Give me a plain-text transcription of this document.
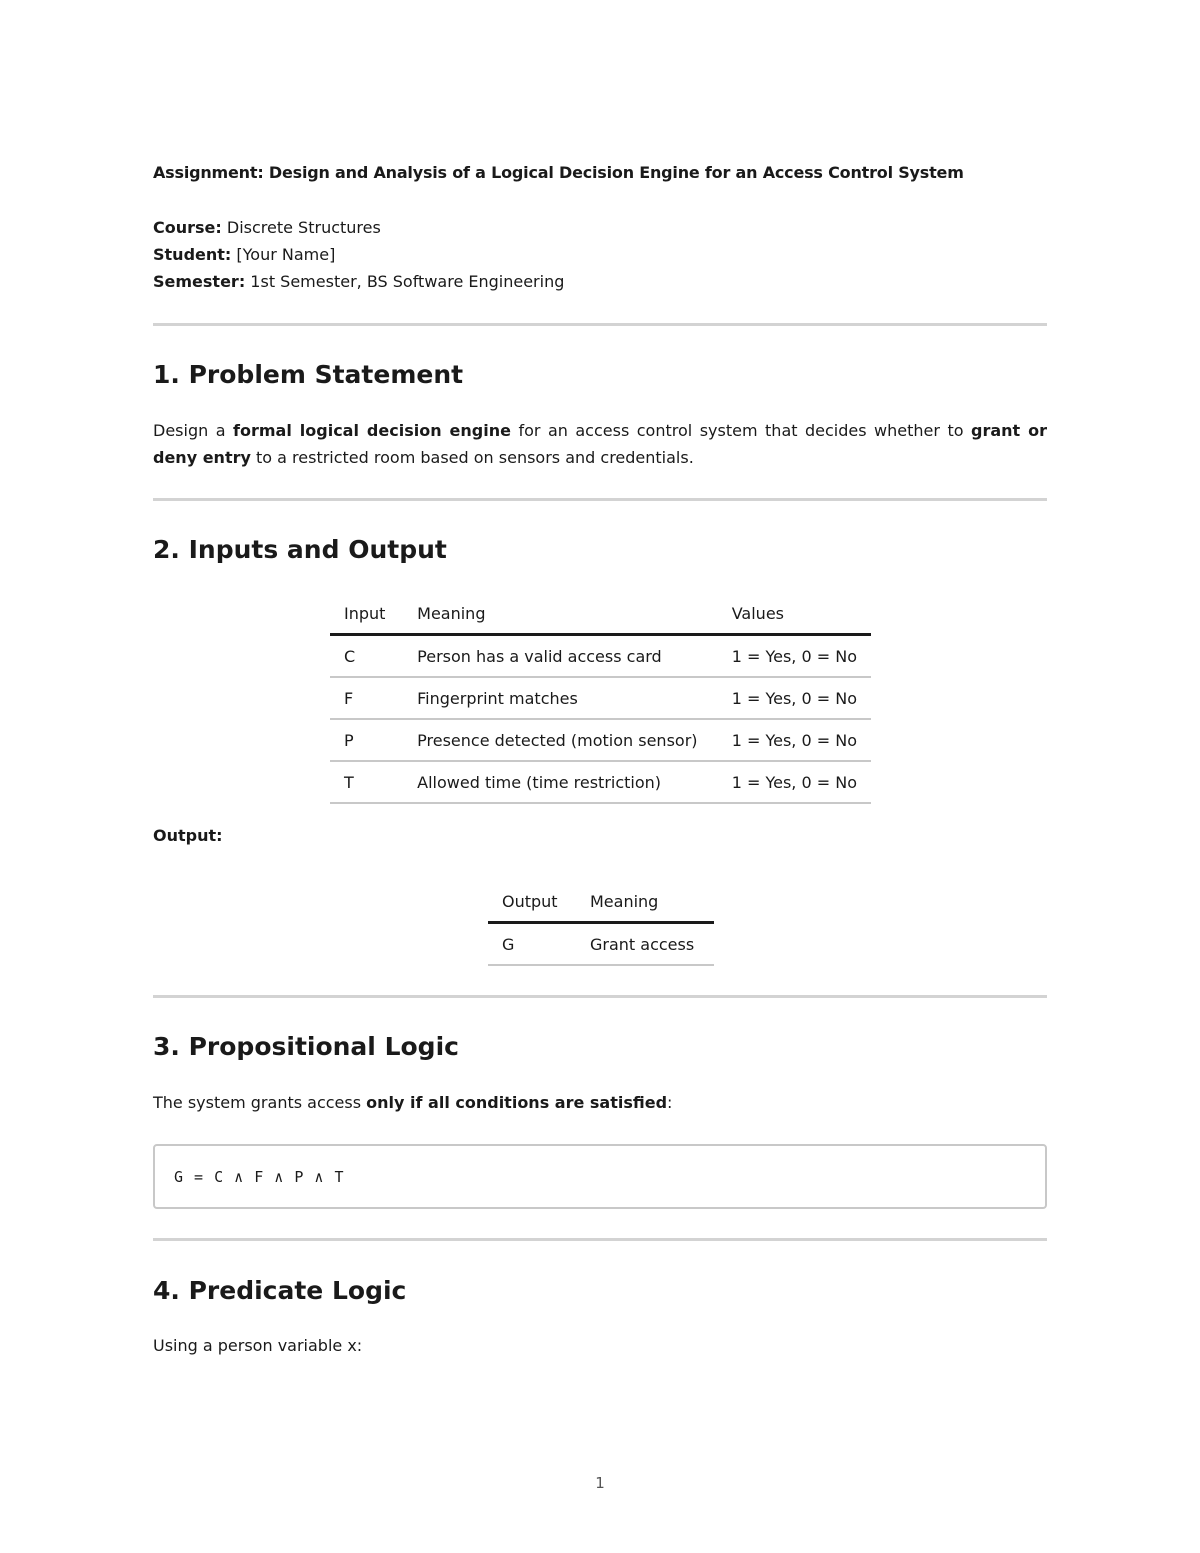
Assignment: Design and Analysis of a Logical Decision Engine for an Access Control System
Course: Discrete Structures
Student: [Your Name]
Semester: 1st Semester, BS Software Engineering
1. Problem Statement
Design a formal logical decision engine for an access control system that decides whether to grant or deny entry to a restricted room based on sensors and credentials.
2. Inputs and Output
Input	Meaning	Values
C	Person has a valid access card	1 = Yes, 0 = No
F	Fingerprint matches	1 = Yes, 0 = No
P	Presence detected (motion sensor)	1 = Yes, 0 = No
T	Allowed time (time restriction)	1 = Yes, 0 = No
Output:
Output	Meaning
G	Grant access
3. Propositional Logic
The system grants access only if all conditions are satisfied:
G = C ∧ F ∧ P ∧ T
4. Predicate Logic
Using a person variable x:
1
